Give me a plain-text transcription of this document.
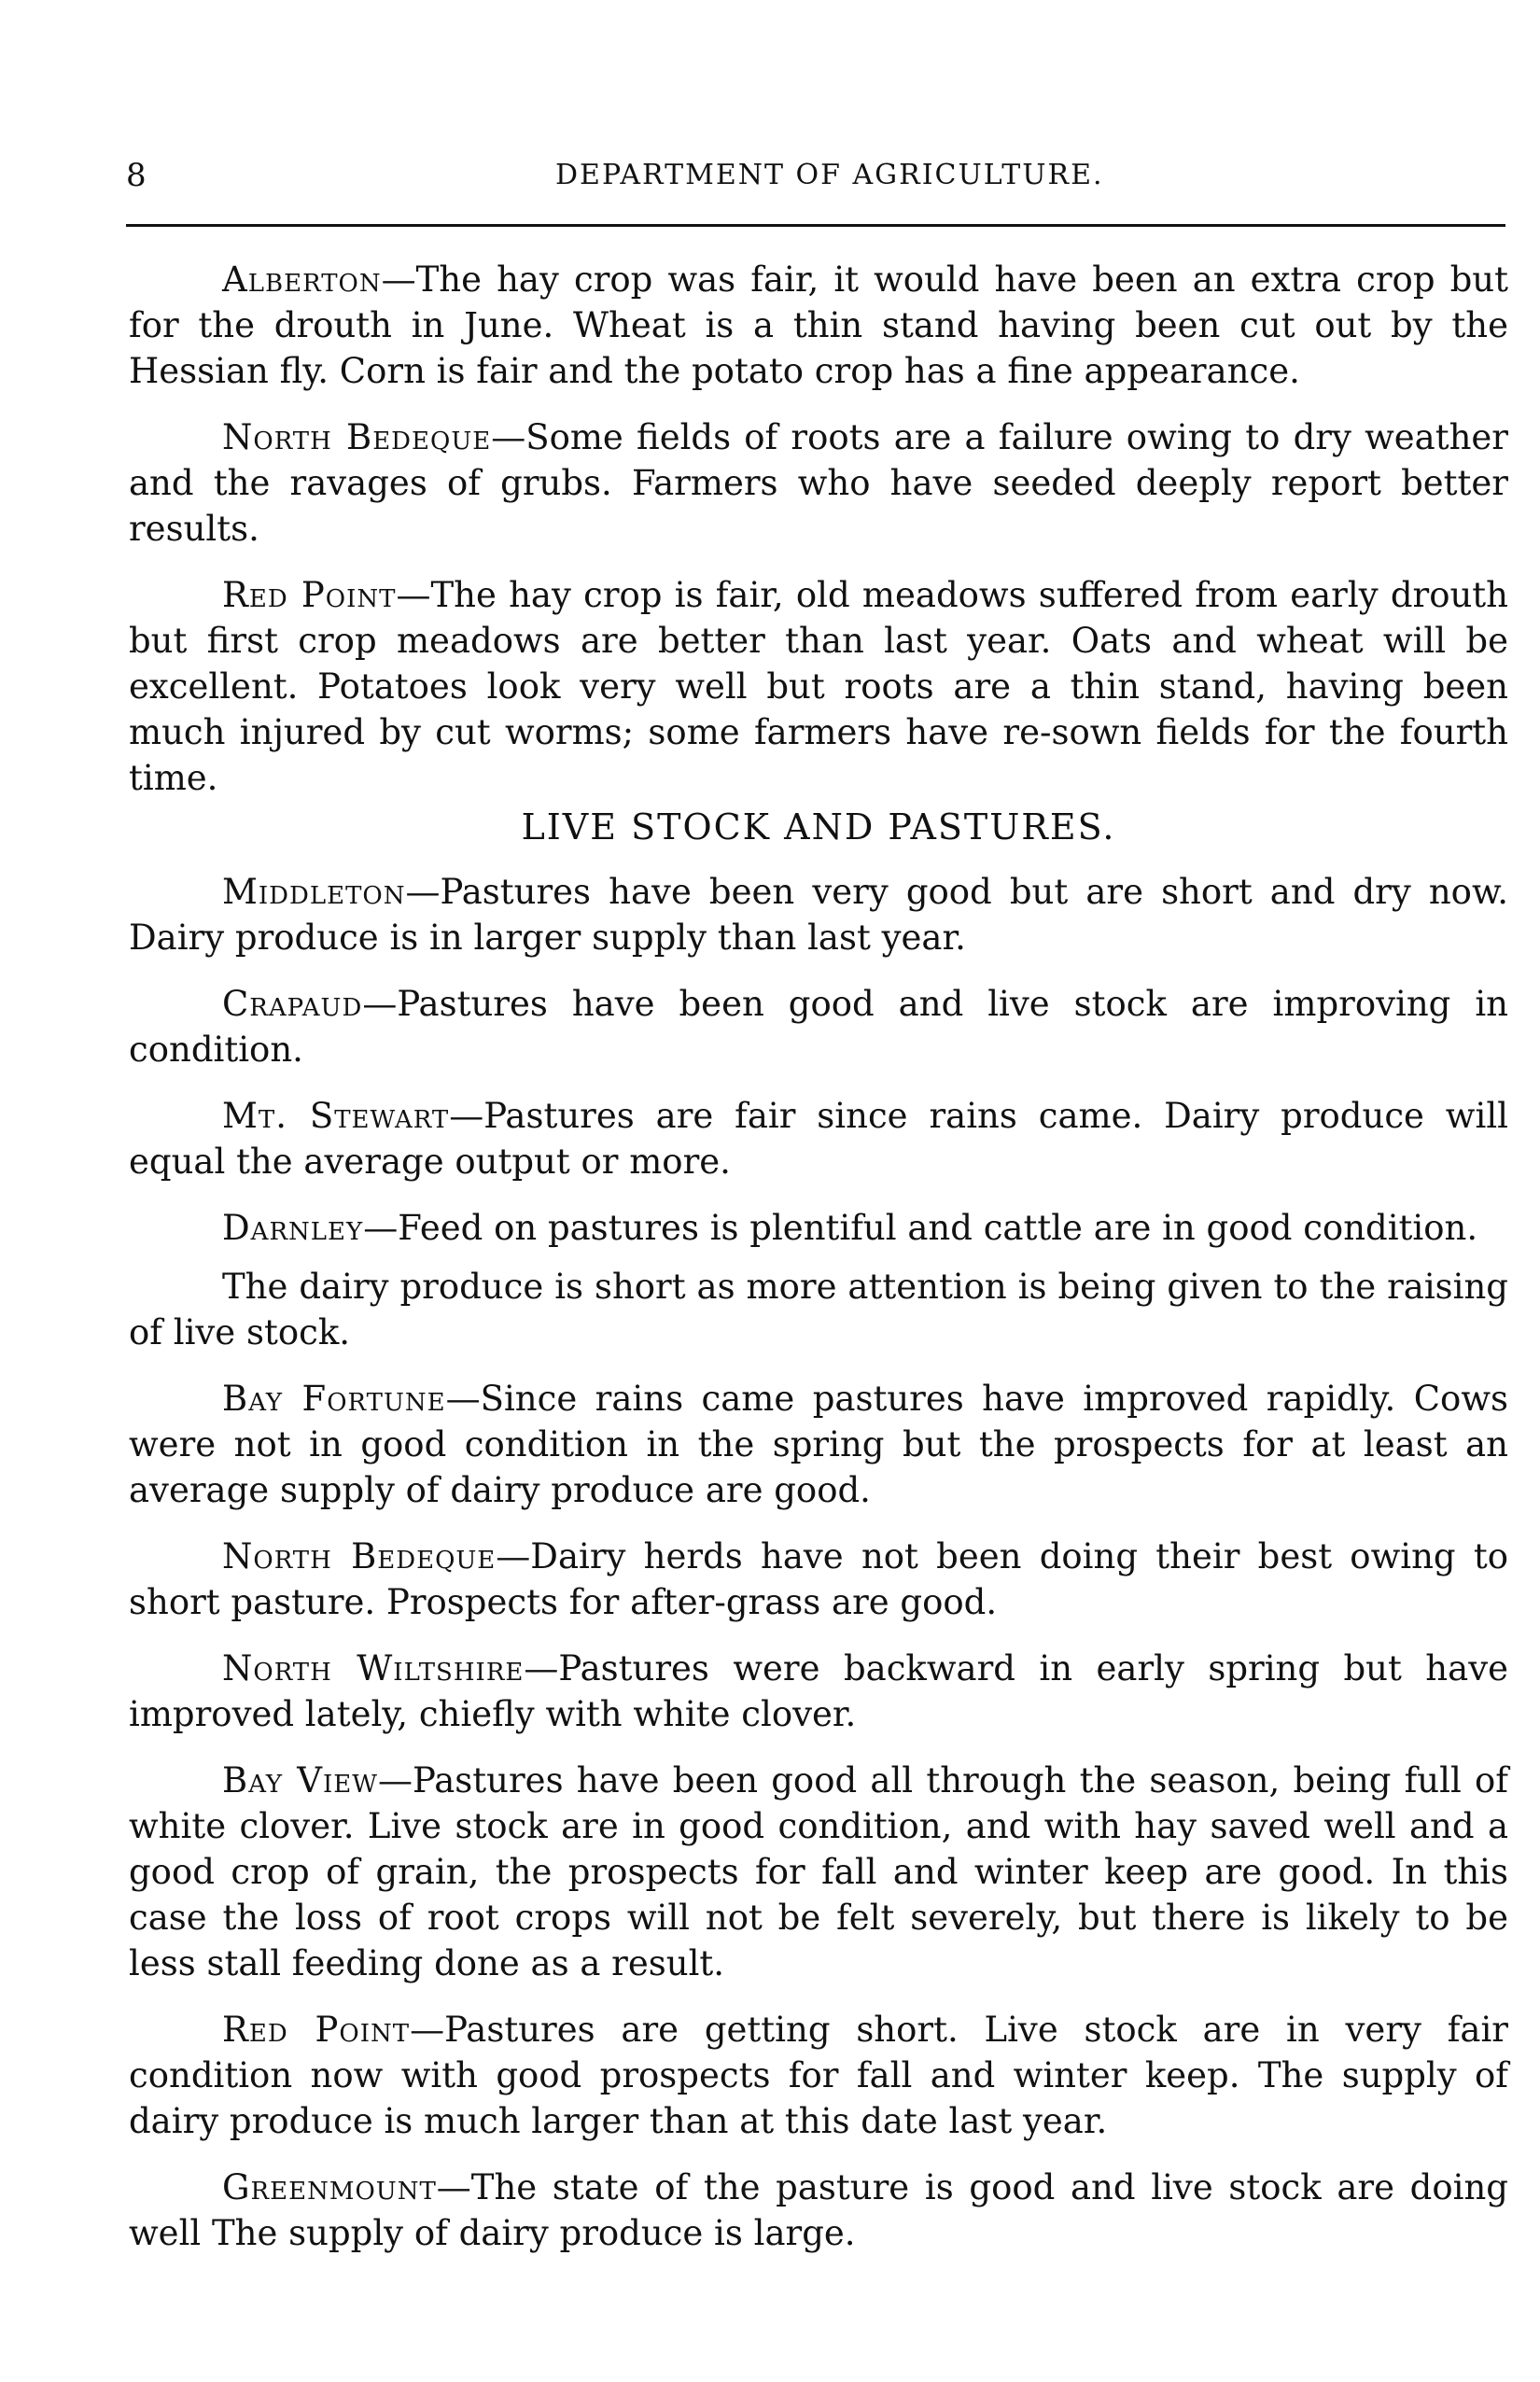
8	DEPARTMENT OF AGRICULTURE.

Alberton—The hay crop was fair, it would have been an extra crop but for the drouth in June. Wheat is a thin stand having been cut out by the Hessian fly. Corn is fair and the potato crop has a fine appearance.

North Bedeque—Some fields of roots are a failure owing to dry weather and the ravages of grubs. Farmers who have seeded deeply report better results.

Red Point—The hay crop is fair, old meadows suffered from early drouth but first crop meadows are better than last year. Oats and wheat will be excellent. Potatoes look very well but roots are a thin stand, having been much injured by cut worms; some farmers have re-sown fields for the fourth time.

LIVE STOCK AND PASTURES.

Middleton—Pastures have been very good but are short and dry now. Dairy produce is in larger supply than last year.

Crapaud—Pastures have been good and live stock are improving in condition.

Mt. Stewart—Pastures are fair since rains came. Dairy produce will equal the average output or more.

Darnley—Feed on pastures is plentiful and cattle are in good condition.

The dairy produce is short as more attention is being given to the raising of live stock.

Bay Fortune—Since rains came pastures have improved rapidly. Cows were not in good condition in the spring but the prospects for at least an average supply of dairy produce are good.

North Bedeque—Dairy herds have not been doing their best owing to short pasture. Prospects for after-grass are good.

North Wiltshire—Pastures were backward in early spring but have improved lately, chiefly with white clover.

Bay View—Pastures have been good all through the season, being full of white clover. Live stock are in good condition, and with hay saved well and a good crop of grain, the prospects for fall and winter keep are good. In this case the loss of root crops will not be felt severely, but there is likely to be less stall feeding done as a result.

Red Point—Pastures are getting short. Live stock are in very fair condition now with good prospects for fall and winter keep. The supply of dairy produce is much larger than at this date last year.

Greenmount—The state of the pasture is good and live stock are doing well The supply of dairy produce is large.
